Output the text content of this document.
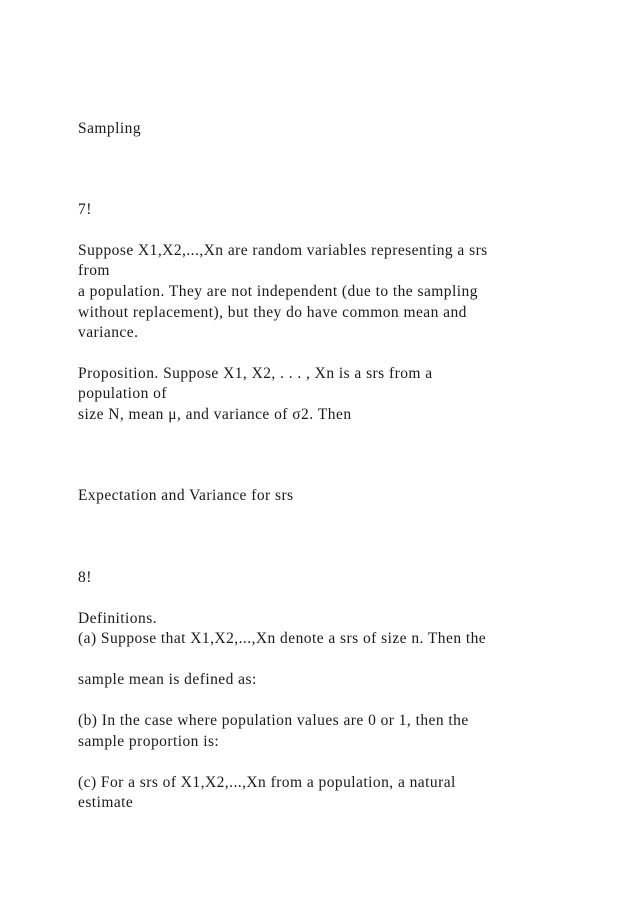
Sampling
7!
Suppose X1,X2,...,Xn are random variables representing a srs
from
a population. They are not independent (due to the sampling
without replacement), but they do have common mean and
variance.
Proposition. Suppose X1, X2, . . . , Xn is a srs from a
population of
size N, mean μ, and variance of σ2. Then
Expectation and Variance for srs
8!
Definitions.
(a) Suppose that X1,X2,...,Xn denote a srs of size n. Then the
sample mean is defined as:
(b) In the case where population values are 0 or 1, then the
sample proportion is:
(c) For a srs of X1,X2,...,Xn from a population, a natural
estimate
